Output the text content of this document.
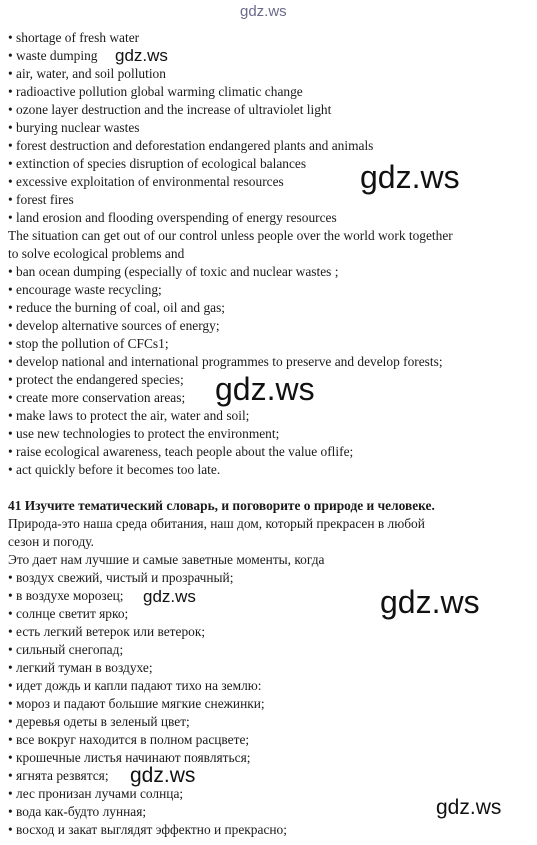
• shortage of fresh water
• waste dumping
• air, water, and soil pollution
• radioactive pollution global warming climatic change
• ozone layer destruction and the increase of ultraviolet light
• burying nuclear wastes
• forest destruction and deforestation endangered plants and animals
• extinction of species disruption of ecological balances
• excessive exploitation of environmental resources
• forest fires
• land erosion and flooding overspending of energy resources
The situation can get out of our control unless people over the world work together
to solve ecological problems and
• ban ocean dumping (especially of toxic and nuclear wastes ;
• encourage waste recycling;
• reduce the burning of coal, oil and gas;
• develop alternative sources of energy;
• stop the pollution of CFCs1;
• develop national and international programmes to preserve and develop forests;
• protect the endangered species;
• create more conservation areas;
• make laws to protect the air, water and soil;
• use new technologies to protect the environment;
• raise ecological awareness, teach people about the value oflife;
• act quickly before it becomes too late.
41 Изучите тематический словарь, и поговорите о природе и человеке.
Природа-это наша среда обитания, наш дом, который прекрасен в любой
сезон и погоду.
Это дает нам лучшие и самые заветные моменты, когда
• воздух свежий, чистый и прозрачный;
• в воздухе морозец;
• солнце светит ярко;
• есть легкий ветерок или ветерок;
• сильный снегопад;
• легкий туман в воздухе;
• идет дождь и капли падают тихо на землю:
• мороз и падают большие мягкие снежинки;
• деревья одеты в зеленый цвет;
• все вокруг находится в полном расцвете;
• крошечные листья начинают появляться;
• ягнята резвятся;
• лес пронизан лучами солнца;
• вода как-будто лунная;
• восход и закат выглядят эффектно и прекрасно;
gdz.ws
gdz.ws
gdz.ws
gdz.ws
gdz.ws	gdz.ws
gdz.ws
gdz.ws
